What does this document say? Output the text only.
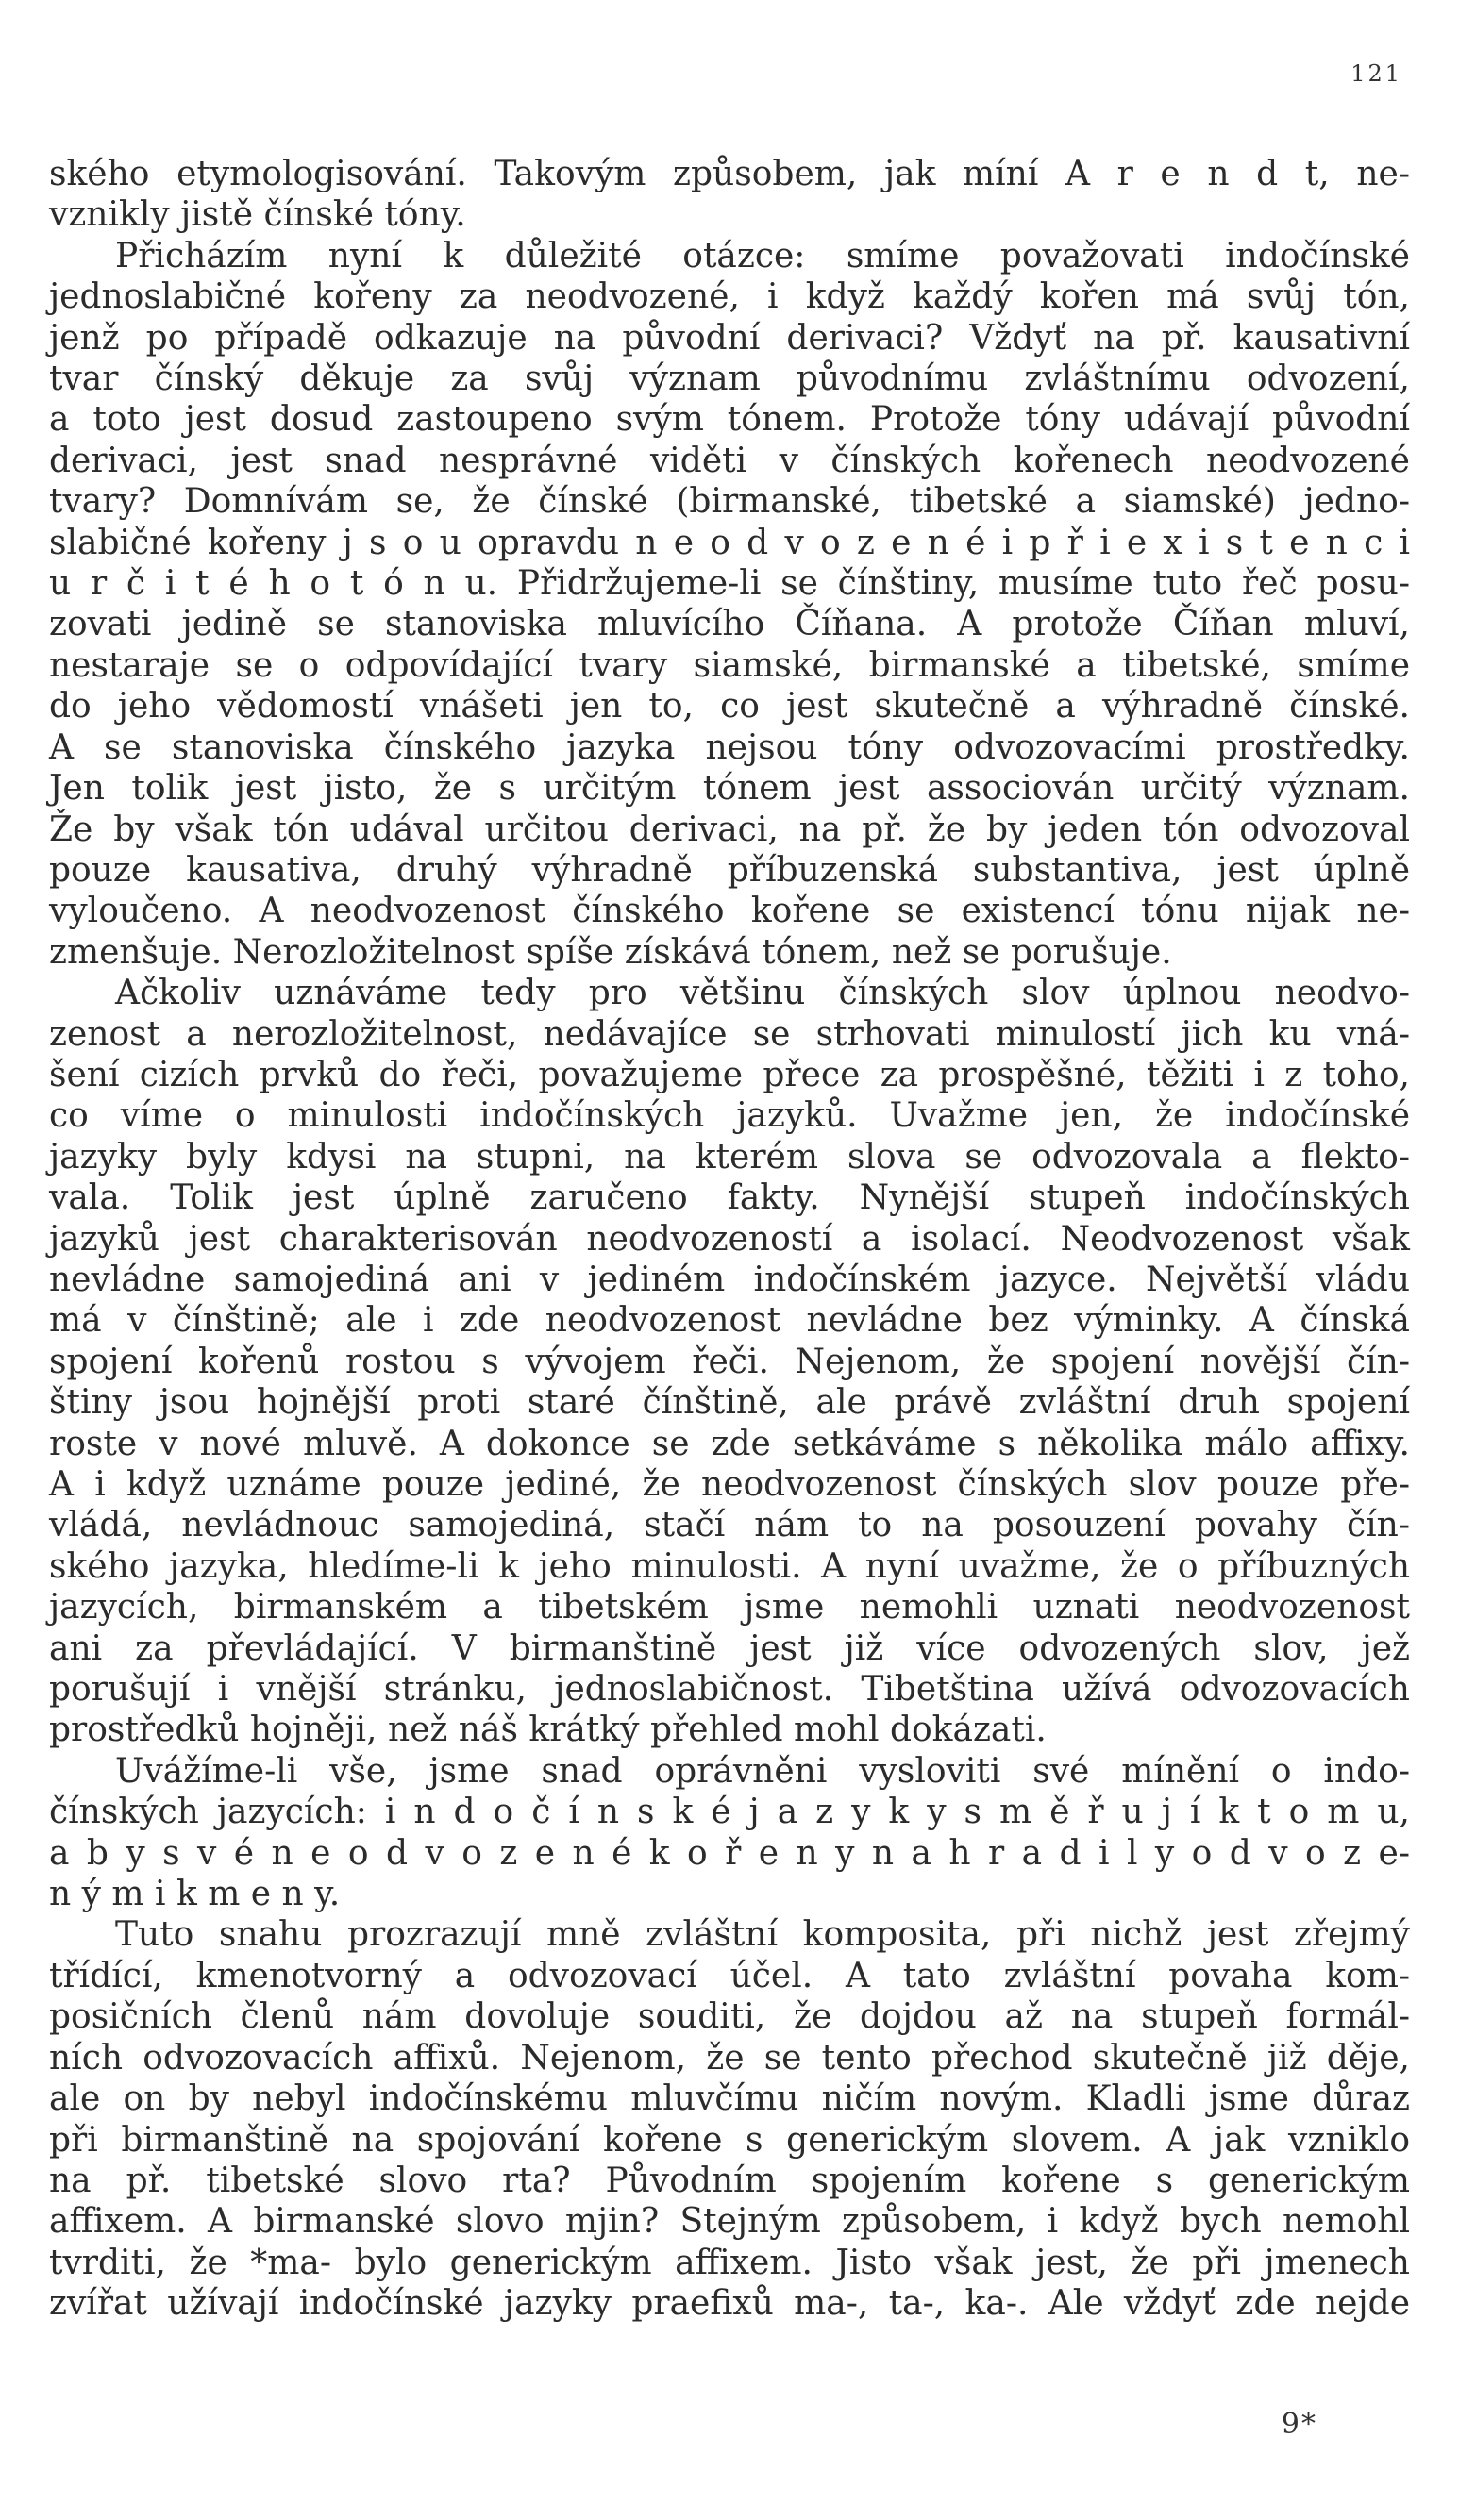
121
ského etymologisování. Takovým způsobem, jak míní A r e n d t, ne-
vznikly jistě čínské tóny.
Přicházím nyní k důležité otázce: smíme považovati indočínské
jednoslabičné kořeny za neodvozené, i když každý kořen má svůj tón,
jenž po případě odkazuje na původní derivaci? Vždyť na př. kausativní
tvar čínský děkuje za svůj význam původnímu zvláštnímu odvození,
a toto jest dosud zastoupeno svým tónem. Protože tóny udávají původní
derivaci, jest snad nesprávné viděti v čínských kořenech neodvozené
tvary? Domnívám se, že čínské (birmanské, tibetské a siamské) jedno-
slabičné kořeny j s o u opravdu n e o d v o z e n é i p ř i e x i s t e n c i
u r č i t é h o t ó n u. Přidržujeme-li se čínštiny, musíme tuto řeč posu-
zovati jedině se stanoviska mluvícího Číňana. A protože Číňan mluví,
nestaraje se o odpovídající tvary siamské, birmanské a tibetské, smíme
do jeho vědomostí vnášeti jen to, co jest skutečně a výhradně čínské.
A se stanoviska čínského jazyka nejsou tóny odvozovacími prostředky.
Jen tolik jest jisto, že s určitým tónem jest associován určitý význam.
Že by však tón udával určitou derivaci, na př. že by jeden tón odvozoval
pouze kausativa, druhý výhradně příbuzenská substantiva, jest úplně
vyloučeno. A neodvozenost čínského kořene se existencí tónu nijak ne-
zmenšuje. Nerozložitelnost spíše získává tónem, než se porušuje.
Ačkoliv uznáváme tedy pro většinu čínských slov úplnou neodvo-
zenost a nerozložitelnost, nedávajíce se strhovati minulostí jich ku vná-
šení cizích prvků do řeči, považujeme přece za prospěšné, těžiti i z toho,
co víme o minulosti indočínských jazyků. Uvažme jen, že indočínské
jazyky byly kdysi na stupni, na kterém slova se odvozovala a flekto-
vala. Tolik jest úplně zaručeno fakty. Nynější stupeň indočínských
jazyků jest charakterisován neodvozeností a isolací. Neodvozenost však
nevládne samojediná ani v jediném indočínském jazyce. Největší vládu
má v čínštině; ale i zde neodvozenost nevládne bez výminky. A čínská
spojení kořenů rostou s vývojem řeči. Nejenom, že spojení novější čín-
štiny jsou hojnější proti staré čínštině, ale právě zvláštní druh spojení
roste v nové mluvě. A dokonce se zde setkáváme s několika málo affixy.
A i když uznáme pouze jediné, že neodvozenost čínských slov pouze pře-
vládá, nevládnouc samojediná, stačí nám to na posouzení povahy čín-
ského jazyka, hledíme-li k jeho minulosti. A nyní uvažme, že o příbuzných
jazycích, birmanském a tibetském jsme nemohli uznati neodvozenost
ani za převládající. V birmanštině jest již více odvozených slov, jež
porušují i vnější stránku, jednoslabičnost. Tibetština užívá odvozovacích
prostředků hojněji, než náš krátký přehled mohl dokázati.
Uvážíme-li vše, jsme snad oprávněni vysloviti své mínění o indo-
čínských jazycích: i n d o č í n s k é j a z y k y s m ě ř u j í k t o m u,
a b y s v é n e o d v o z e n é k o ř e n y n a h r a d i l y o d v o z e-
n ý m i k m e n y.
Tuto snahu prozrazují mně zvláštní komposita, při nichž jest zřejmý
třídící, kmenotvorný a odvozovací účel. A tato zvláštní povaha kom-
posičních členů nám dovoluje souditi, že dojdou až na stupeň formál-
ních odvozovacích affixů. Nejenom, že se tento přechod skutečně již děje,
ale on by nebyl indočínskému mluvčímu ničím novým. Kladli jsme důraz
při birmanštině na spojování kořene s generickým slovem. A jak vzniklo
na př. tibetské slovo rta? Původním spojením kořene s generickým
affixem. A birmanské slovo mjin? Stejným způsobem, i když bych nemohl
tvrditi, že *ma- bylo generickým affixem. Jisto však jest, že při jmenech
zvířat užívají indočínské jazyky praefixů ma-, ta-, ka-. Ale vždyť zde nejde
9*
